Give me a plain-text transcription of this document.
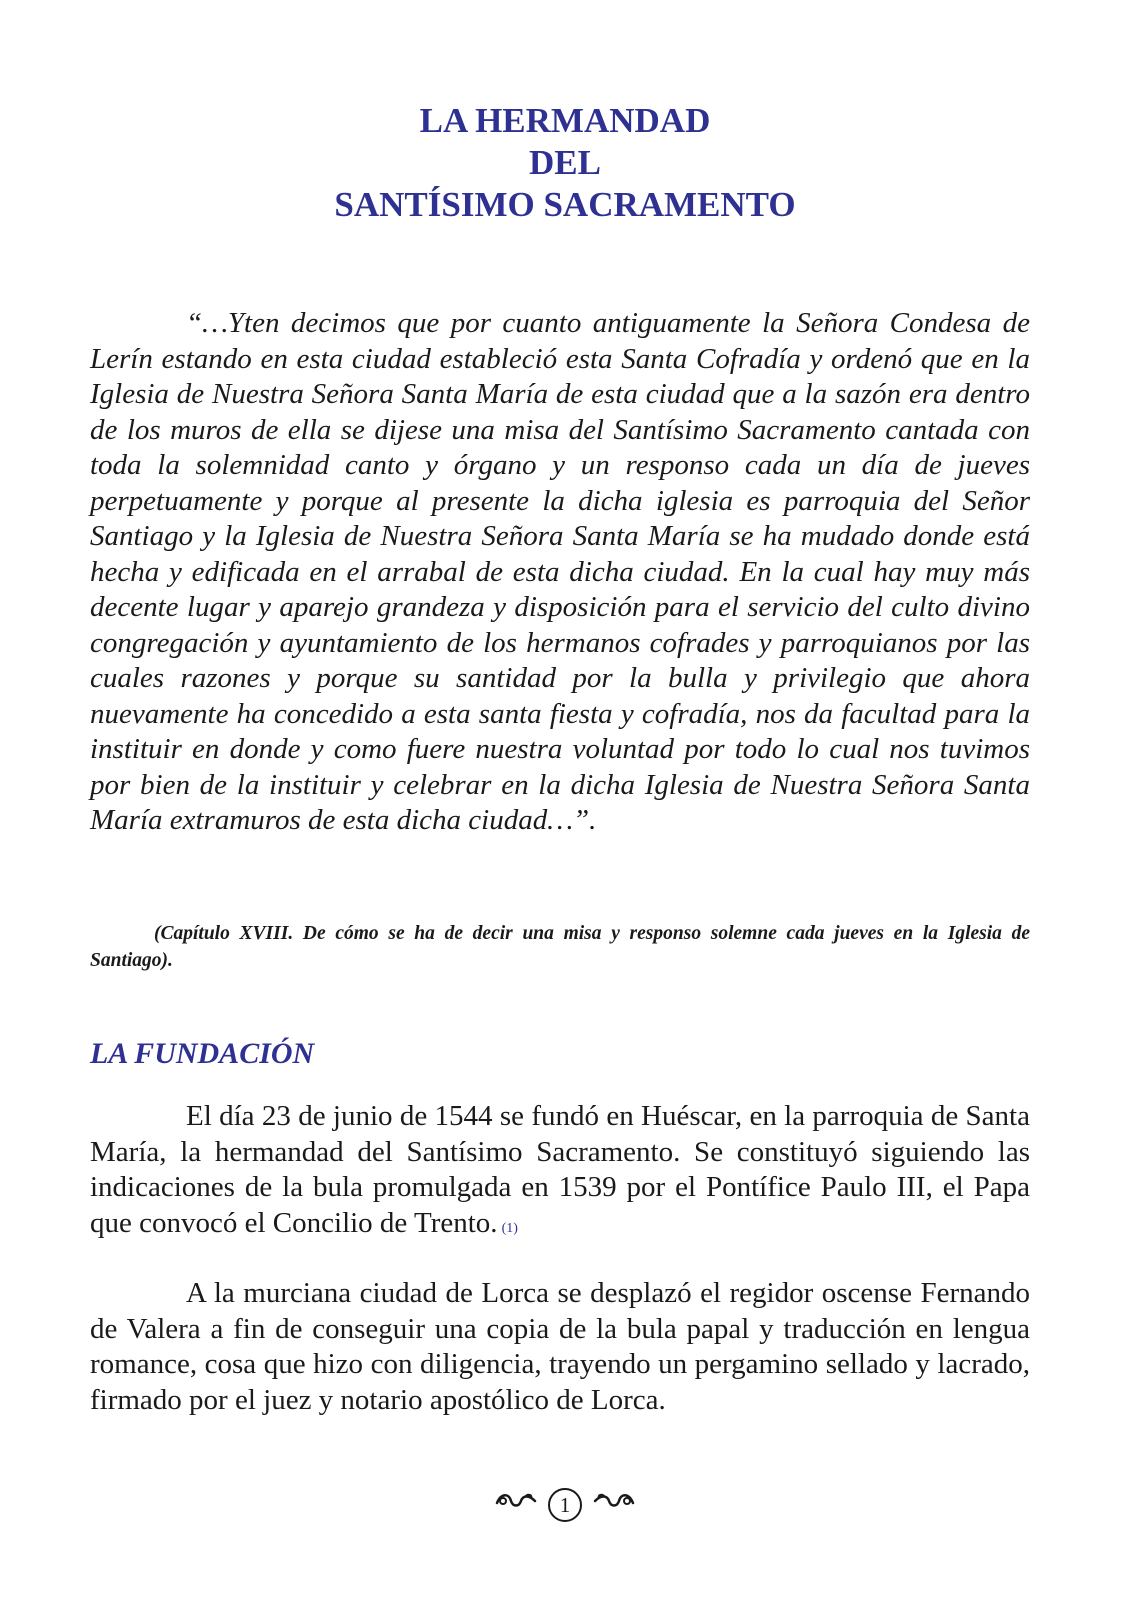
LA HERMANDAD
DEL
SANTÍSIMO SACRAMENTO
“…Yten decimos que por cuanto antiguamente la Señora Condesa de Lerín estando en esta ciudad estableció esta Santa Cofradía y ordenó que en la Iglesia de Nuestra Señora Santa María de esta ciudad que a la sazón era dentro de los muros de ella se dijese una misa del Santísimo Sacramento cantada con toda la solemnidad canto y órgano y un responso cada un día de jueves perpetuamente y porque al presente la dicha iglesia es parroquia del Señor Santiago y la Iglesia de Nuestra Señora Santa María se ha mudado donde está hecha y edificada en el arrabal de esta dicha ciudad. En la cual hay muy más decente lugar y aparejo grandeza y disposición para el servicio del culto divino congregación y ayuntamiento de los hermanos cofrades y parroquianos por las cuales razones y porque su santidad por la bulla y privilegio que ahora nuevamente ha concedido a esta santa fiesta y cofradía, nos da facultad para la instituir en donde y como fuere nuestra voluntad por todo lo cual nos tuvimos por bien de la instituir y celebrar en la dicha Iglesia de Nuestra Señora Santa María extramuros de esta dicha ciudad…”.
(Capítulo XVIII. De cómo se ha de decir una misa y responso solemne cada jueves en la Iglesia de Santiago).
LA FUNDACIÓN
El día 23 de junio de 1544 se fundó en Huéscar, en la parroquia de Santa María, la hermandad del Santísimo Sacramento. Se constituyó siguiendo las indicaciones de la bula promulgada en 1539 por el Pontífice Paulo III, el Papa que convocó el Concilio de Trento. (1)
A la murciana ciudad de Lorca se desplazó el regidor oscense Fernando de Valera a fin de conseguir una copia de la bula papal y traducción en lengua romance, cosa que hizo con diligencia, trayendo un pergamino sellado y lacrado, firmado por el juez y notario apostólico de Lorca.
1
